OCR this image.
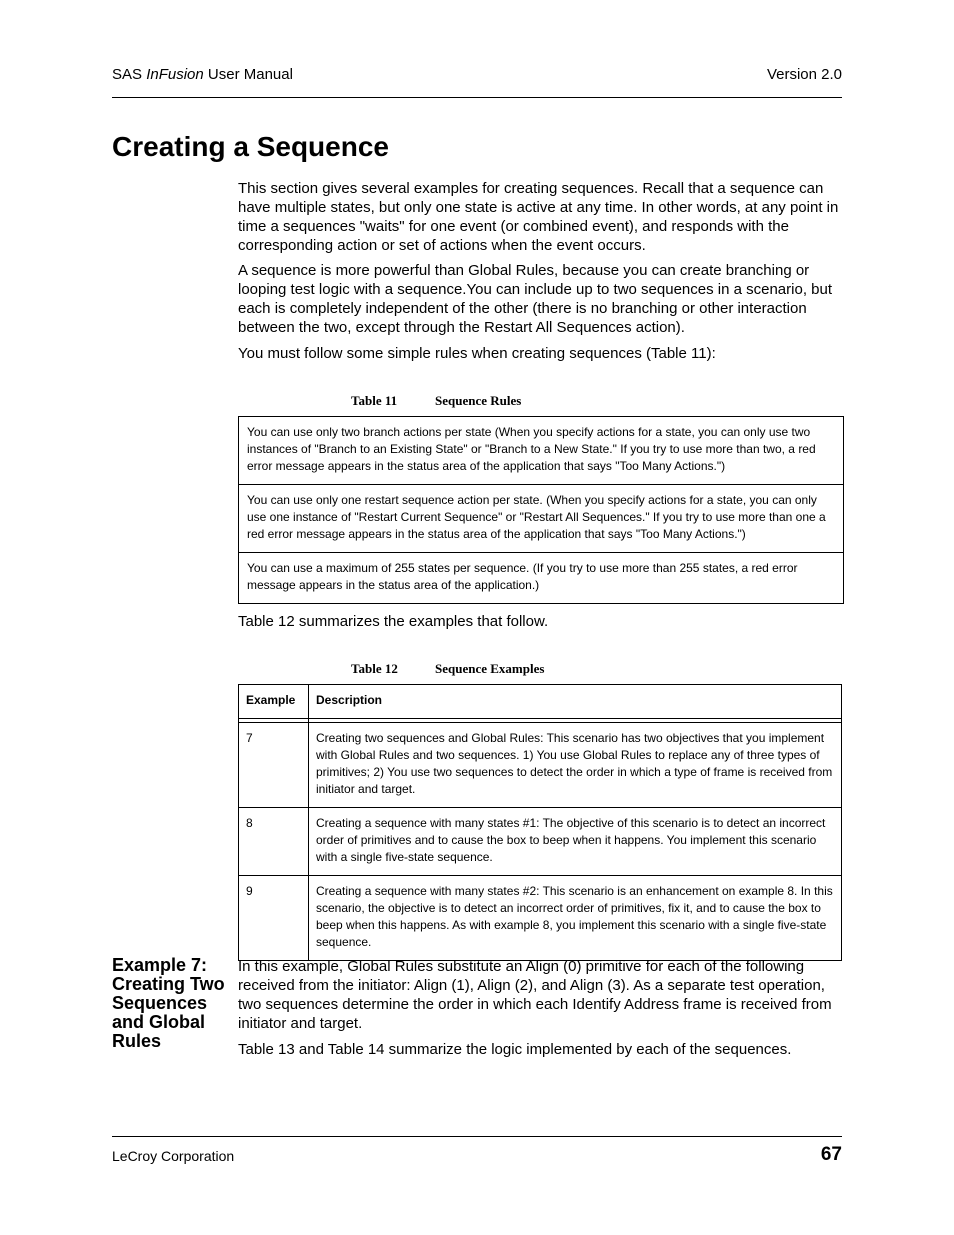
SAS InFusion User Manual	Version 2.0
Creating a Sequence
This section gives several examples for creating sequences. Recall that a sequence can have multiple states, but only one state is active at any time. In other words, at any point in time a sequences "waits" for one event (or combined event), and responds with the corresponding action or set of actions when the event occurs.
A sequence is more powerful than Global Rules, because you can create branching or looping test logic with a sequence.You can include up to two sequences in a scenario, but each is completely independent of the other (there is no branching or other interaction between the two, except through the Restart All Sequences action).
You must follow some simple rules when creating sequences (Table 11):
Table 11	Sequence Rules
You can use only two branch actions per state (When you specify actions for a state, you can only use two instances of "Branch to an Existing State" or "Branch to a New State." If you try to use more than two, a red error message appears in the status area of the application that says "Too Many Actions.")
You can use only one restart sequence action per state. (When you specify actions for a state, you can only use one instance of "Restart Current Sequence" or "Restart All Sequences." If you try to use more than one a red error message appears in the status area of the application that says "Too Many Actions.")
You can use a maximum of 255 states per sequence. (If you try to use more than 255 states, a red error message appears in the status area of the application.)
Table 12 summarizes the examples that follow.
Table 12	Sequence Examples
Example	Description

7	Creating two sequences and Global Rules: This scenario has two objectives that you implement with Global Rules and two sequences. 1) You use Global Rules to replace any of three types of primitives; 2) You use two sequences to detect the order in which a type of frame is received from initiator and target.
8	Creating a sequence with many states #1: The objective of this scenario is to detect an incorrect order of primitives and to cause the box to beep when it happens. You implement this scenario with a single five-state sequence.
9	Creating a sequence with many states #2: This scenario is an enhancement on example 8. In this scenario, the objective is to detect an incorrect order of primitives, fix it, and to cause the box to beep when this happens. As with example 8, you implement this scenario with a single five-state sequence.
Example 7: Creating Two Sequences and Global Rules
In this example, Global Rules substitute an Align (0) primitive for each of the following received from the initiator: Align (1), Align (2), and Align (3). As a separate test operation, two sequences determine the order in which each Identify Address frame is received from initiator and target.
Table 13 and Table 14 summarize the logic implemented by each of the sequences.
LeCroy Corporation	67
